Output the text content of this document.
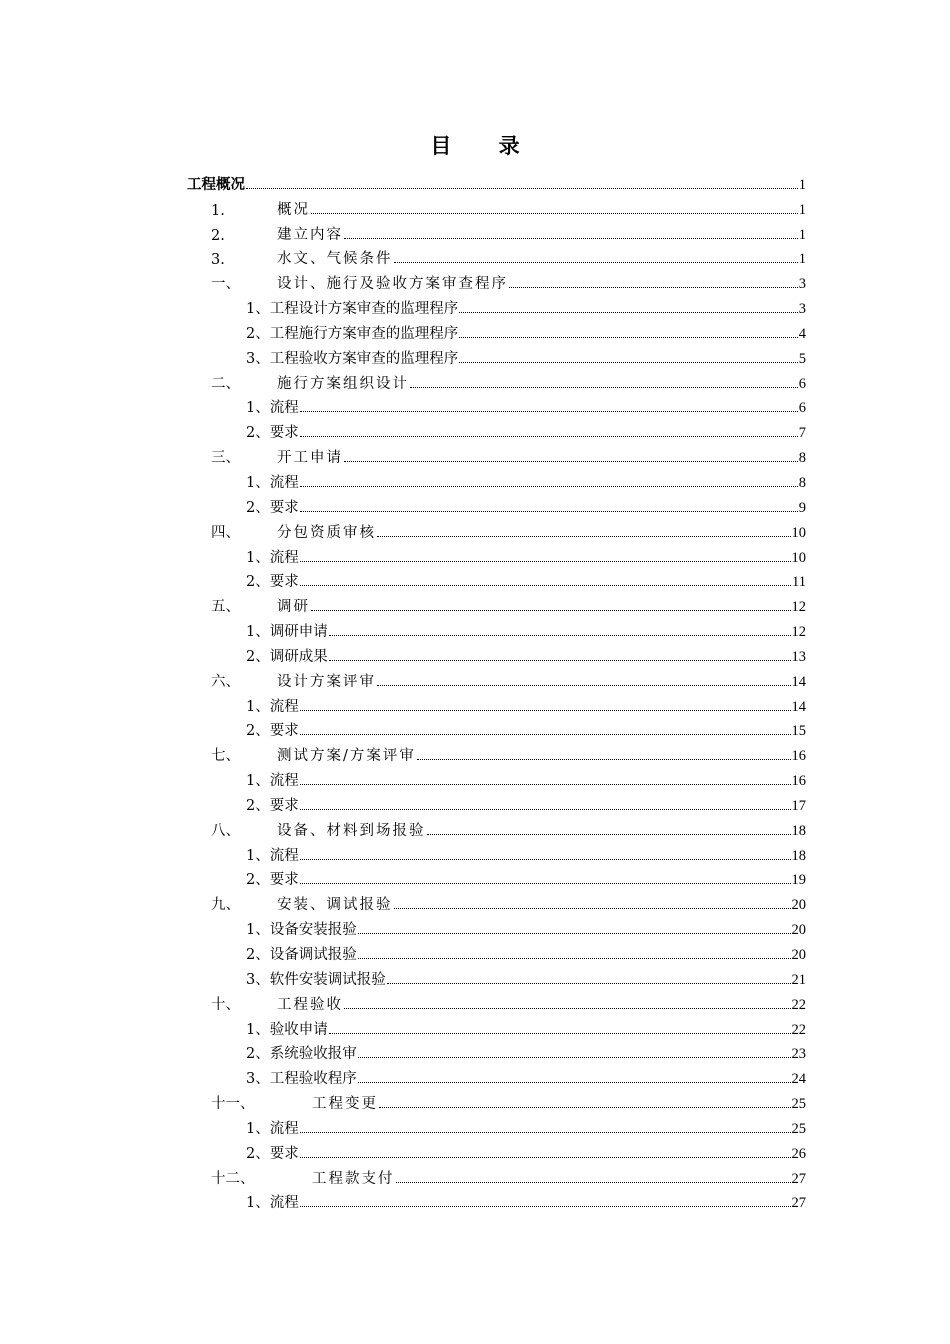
目 录
工程概况	1
1.	概况	1
2.	建立内容	1
3.	水文、气候条件	1
一、	设计、施行及验收方案审查程序	3
1、 工程设计方案审查的监理程序	3
2、 工程施行方案审查的监理程序	4
3、 工程验收方案审查的监理程序	5
二、	施行方案组织设计	6
1、 流程	6
2、 要求	7
三、	开工申请	8
1、 流程	8
2、 要求	9
四、	分包资质审核	10
1、 流程	10
2、 要求	11
五、	调研	12
1、 调研申请	12
2、 调研成果	13
六、	设计方案评审	14
1、 流程	14
2、 要求	15
七、	测试方案/方案评审	16
1、 流程	16
2、 要求	17
八、	设备、材料到场报验	18
1、 流程	18
2、 要求	19
九、	安装、调试报验	20
1、 设备安装报验	20
2、 设备调试报验	20
3、 软件安装调试报验	21
十、	工程验收	22
1、 验收申请	22
2、 系统验收报审	23
3、 工程验收程序	24
十一、	工程变更	25
1、 流程	25
2、 要求	26
十二、	工程款支付	27
1、 流程	27
